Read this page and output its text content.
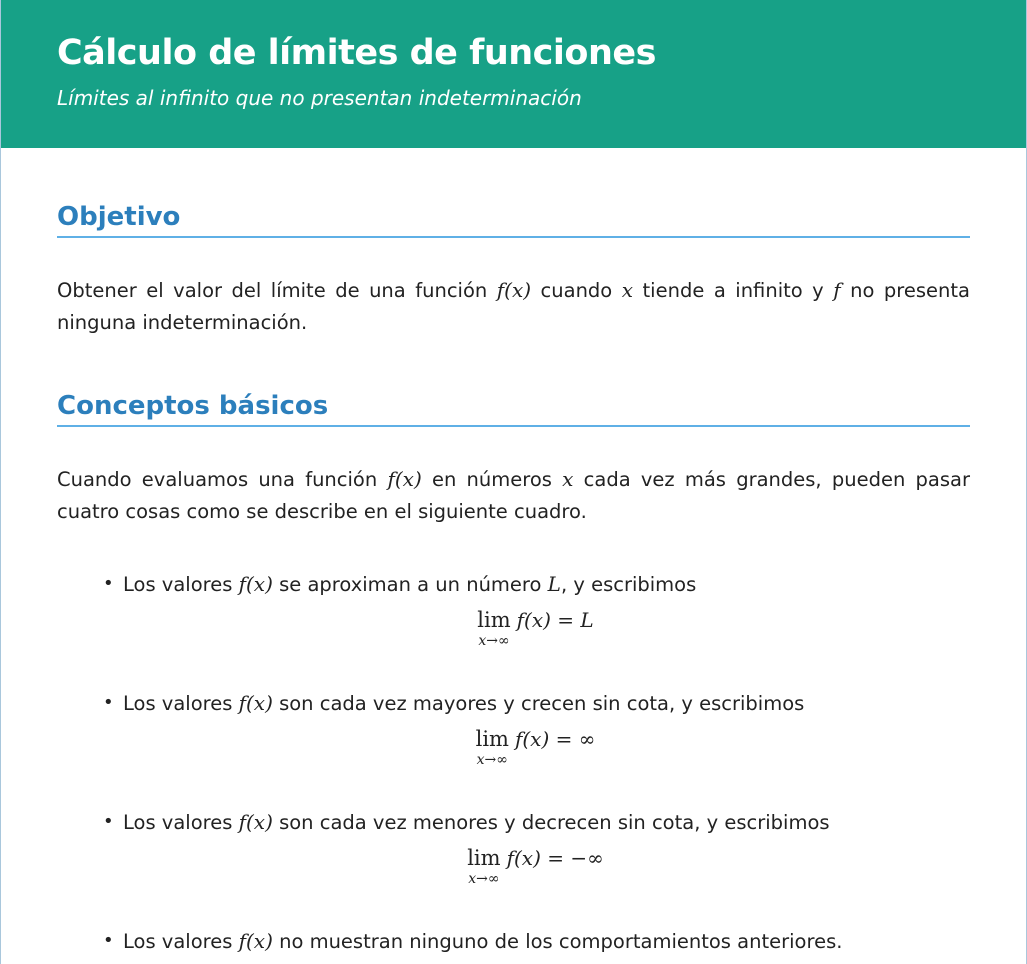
Cálculo de límites de funciones
Límites al infinito que no presentan indeterminación
Objetivo

Obtener el valor del límite de una función f(x) cuando x tiende a infinito y f no presenta ninguna indeterminación.

Conceptos básicos

Cuando evaluamos una función f(x) en números x cada vez más grandes, pueden pasar cuatro cosas como se describe en el siguiente cuadro.

• Los valores f(x) se aproximan a un número L, y escribimos
lim
x→∞
f(x) = L
• Los valores f(x) son cada vez mayores y crecen sin cota, y escribimos
lim
x→∞
f(x) = ∞
• Los valores f(x) son cada vez menores y decrecen sin cota, y escribimos
lim
x→∞
f(x) = −∞
• Los valores f(x) no muestran ninguno de los comportamientos anteriores.
